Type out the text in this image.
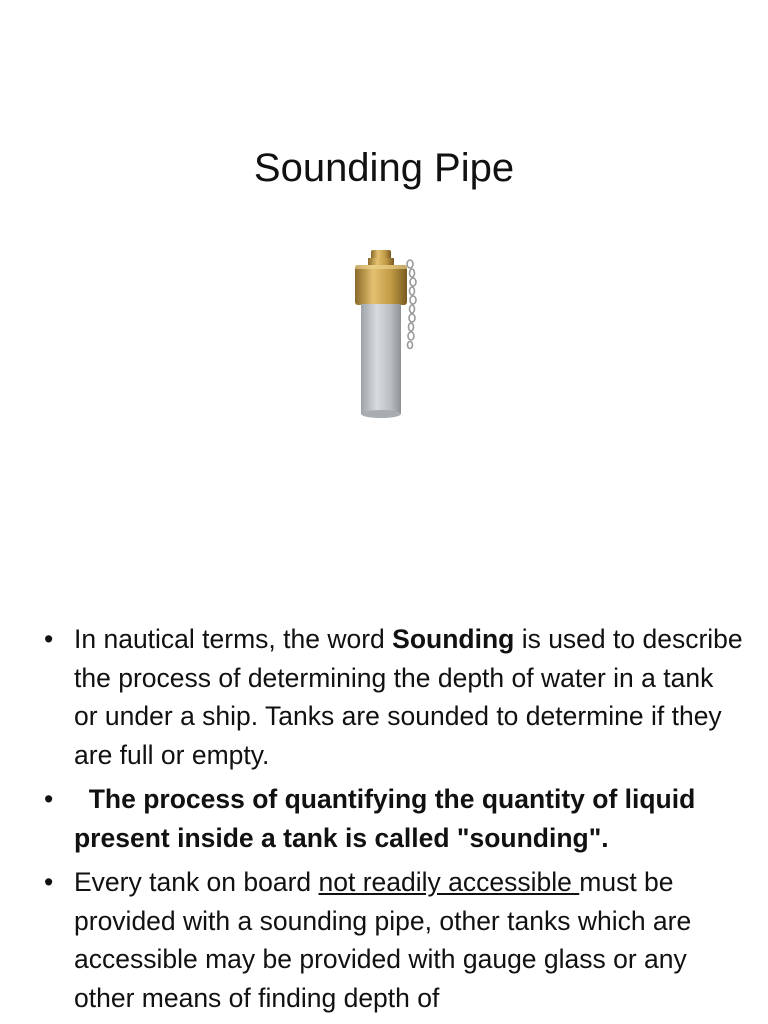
Sounding Pipe
• In nautical terms, the word Sounding is used to describe the process of determining the depth of water in a tank or under a ship. Tanks are sounded to determine if they are full or empty.
• The process of quantifying the quantity of liquid present inside a tank is called "sounding".
• Every tank on board not readily accessible must be provided with a sounding pipe, other tanks which are accessible may be provided with gauge glass or any other means of finding depth of
